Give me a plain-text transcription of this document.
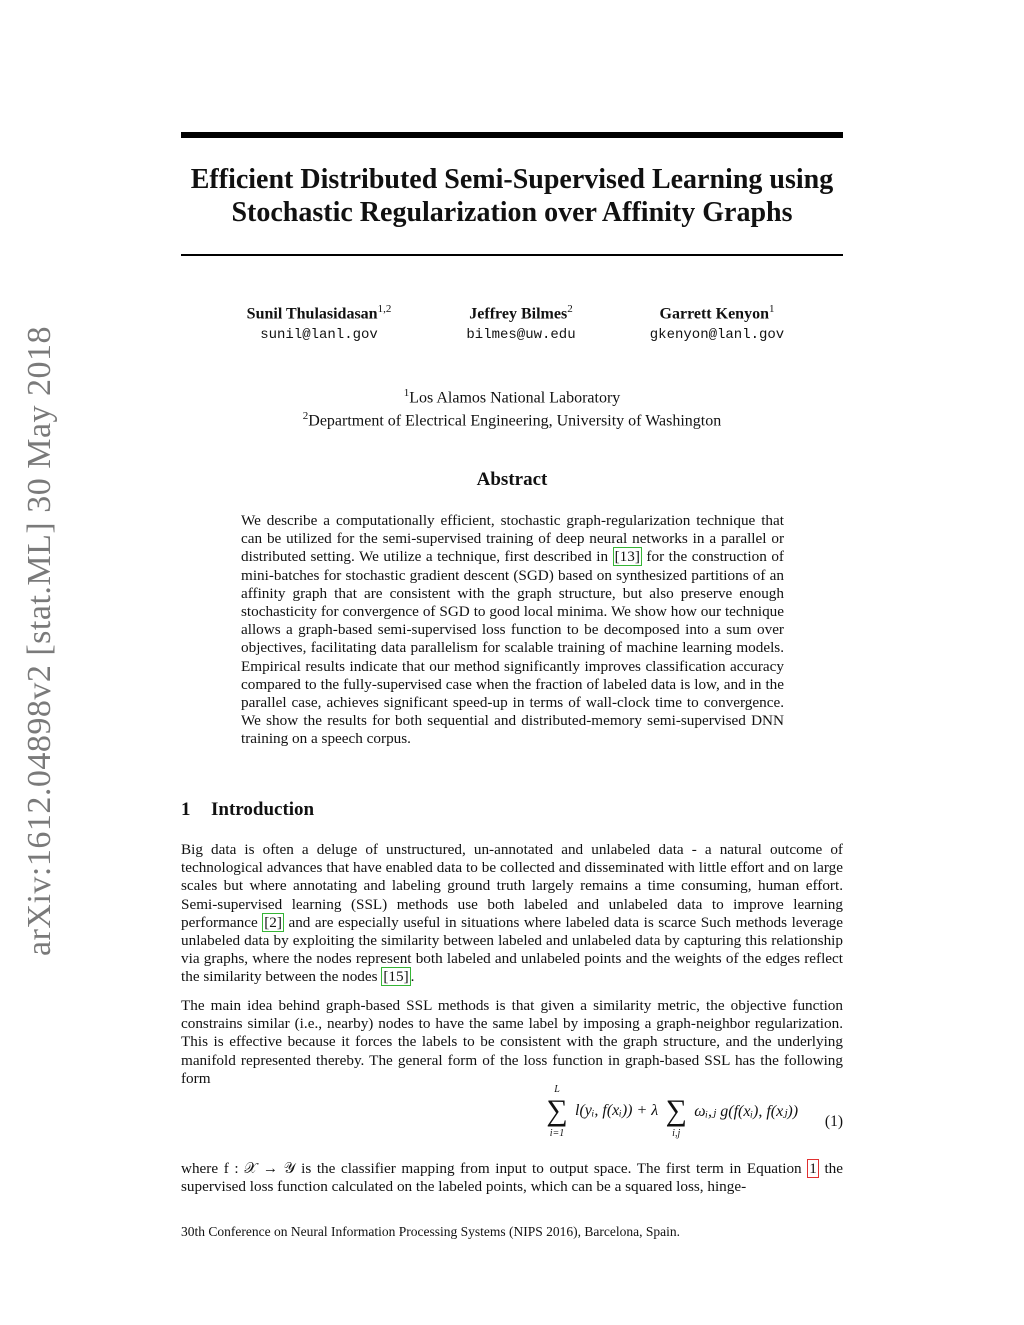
arXiv:1612.04898v2 [stat.ML] 30 May 2018
Efficient Distributed Semi-Supervised Learning using
Stochastic Regularization over Affinity Graphs
Sunil Thulasidasan$^{1,2}$
sunil@lanl.gov
Jeffrey Bilmes$^2$
bilmes@uw.edu
Garrett Kenyon$^1$
gkenyon@lanl.gov
$^1$Los Alamos National Laboratory
$^2$Department of Electrical Engineering, University of Washington
Abstract

We describe a computationally efficient, stochastic graph-regularization technique that can be utilized for the semi-supervised training of deep neural networks in a parallel or distributed setting. We utilize a technique, first described in [13] for the construction of mini-batches for stochastic gradient descent (SGD) based on synthesized partitions of an affinity graph that are consistent with the graph structure, but also preserve enough stochasticity for convergence of SGD to good local minima. We show how our technique allows a graph-based semi-supervised loss function to be decomposed into a sum over objectives, facilitating data parallelism for scalable training of machine learning models. Empirical results indicate that our method significantly improves classification accuracy compared to the fully-supervised case when the fraction of labeled data is low, and in the parallel case, achieves significant speed-up in terms of wall-clock time to convergence. We show the results for both sequential and distributed-memory semi-supervised DNN training on a speech corpus.

1 Introduction

Big data is often a deluge of unstructured, un-annotated and unlabeled data - a natural outcome of technological advances that have enabled data to be collected and disseminated with little effort and on large scales but where annotating and labeling ground truth largely remains a time consuming, human effort. Semi-supervised learning (SSL) methods use both labeled and unlabeled data to improve learning performance [2] and are especially useful in situations where labeled data is scarce Such methods leverage unlabeled data by exploiting the similarity between labeled and unlabeled data by capturing this relationship via graphs, where the nodes represent both labeled and unlabeled points and the weights of the edges reflect the similarity between the nodes [15] .

The main idea behind graph-based SSL methods is that given a similarity metric, the objective function constrains similar (i.e., nearby) nodes to have the same label by imposing a graph-neighbor regularization. This is effective because it forces the labels to be consistent with the graph structure, and the underlying manifold represented thereby. The general form of the loss function in graph-based SSL has the following form

L
∑
i=1
l(yᵢ, f(xᵢ)) + λ ∑
i,j
ωᵢ,ⱼ g(f(xᵢ), f(xⱼ))
(1)

where f : 𝒳 → 𝒴 is the classifier mapping from input to output space. The first term in Equation 1 the supervised loss function calculated on the labeled points, which can be a squared loss, hinge-

30th Conference on Neural Information Processing Systems (NIPS 2016), Barcelona, Spain.
